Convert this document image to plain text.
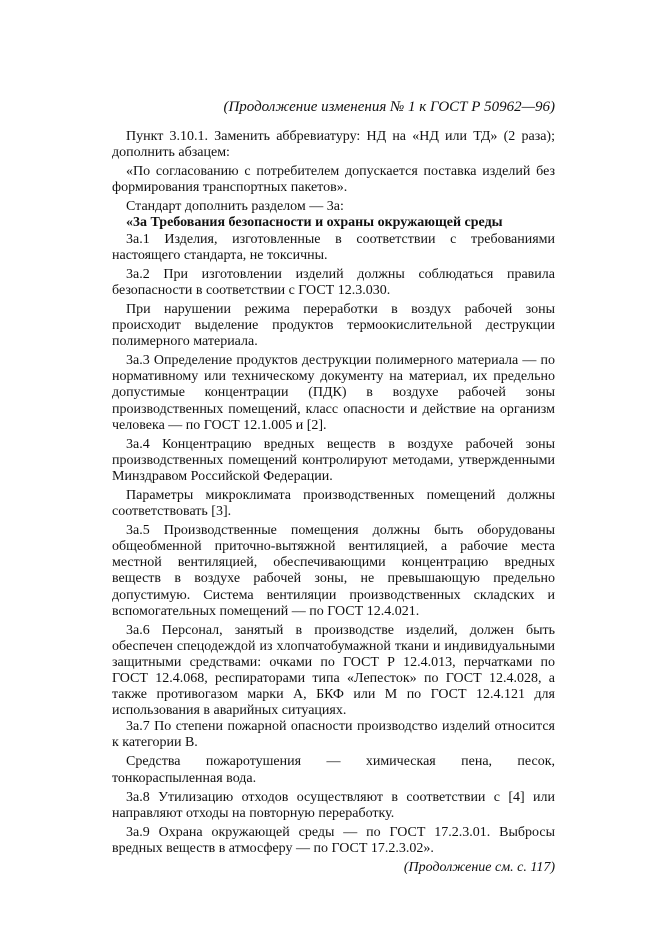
(Продолжение изменения № 1 к ГОСТ Р 50962—96)

Пункт 3.10.1. Заменить аббревиатуру: НД на «НД или ТД» (2 раза); дополнить абзацем:

«По согласованию с потребителем допускается поставка изделий без формирования транспортных пакетов».

Стандарт дополнить разделом — 3а:

«3а Требования безопасности и охраны окружающей среды

3а.1 Изделия, изготовленные в соответствии с требованиями настоящего стандарта, не токсичны.

3а.2 При изготовлении изделий должны соблюдаться правила безопасности в соответствии с ГОСТ 12.3.030.

При нарушении режима переработки в воздух рабочей зоны происходит выделение продуктов термоокислительной деструкции полимерного материала.

3а.3 Определение продуктов деструкции полимерного материала — по нормативному или техническому документу на материал, их предельно допустимые концентрации (ПДК) в воздухе рабочей зоны производственных помещений, класс опасности и действие на организм человека — по ГОСТ 12.1.005 и [2].

3а.4 Концентрацию вредных веществ в воздухе рабочей зоны производственных помещений контролируют методами, утвержденными Минздравом Российской Федерации.

Параметры микроклимата производственных помещений должны соответствовать [3].

3а.5 Производственные помещения должны быть оборудованы общеобменной приточно-вытяжной вентиляцией, а рабочие места местной вентиляцией, обеспечивающими концентрацию вредных веществ в воздухе рабочей зоны, не превышающую предельно допустимую. Система вентиляции производственных складских и вспомогательных помещений — по ГОСТ 12.4.021.

3а.6 Персонал, занятый в производстве изделий, должен быть обеспечен спецодеждой из хлопчатобумажной ткани и индивидуальными защитными средствами: очками по ГОСТ Р 12.4.013, перчатками по ГОСТ 12.4.068, респираторами типа «Лепесток» по ГОСТ 12.4.028, а также противогазом марки А, БКФ или М по ГОСТ 12.4.121 для использования в аварийных ситуациях.

3а.7 По степени пожарной опасности производство изделий относится к категории В.

Средства пожаротушения — химическая пена, песок, тонкораспыленная вода.

3а.8 Утилизацию отходов осуществляют в соответствии с [4] или направляют отходы на повторную переработку.

3а.9 Охрана окружающей среды — по ГОСТ 17.2.3.01. Выбросы вредных веществ в атмосферу — по ГОСТ 17.2.3.02».

(Продолжение см. с. 117)
